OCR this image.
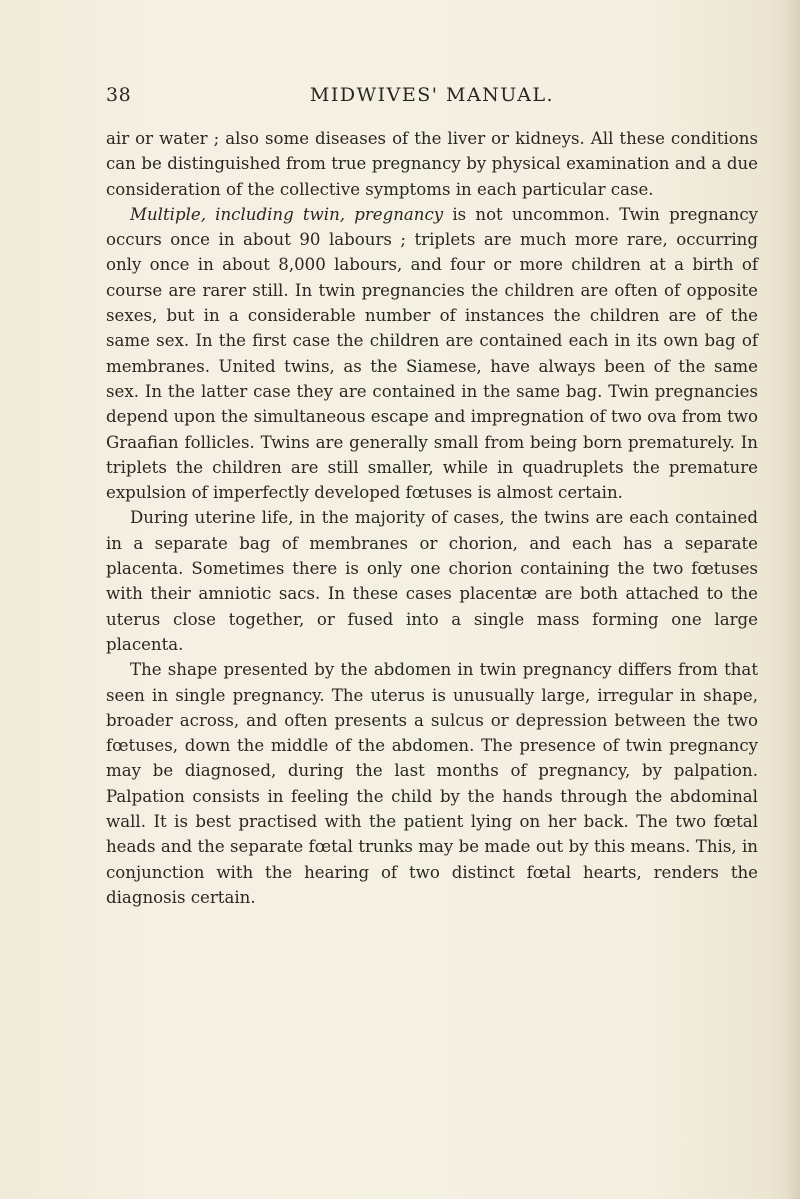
38	MIDWIVES' MANUAL.

air or water ; also some diseases of the liver or kidneys. All these conditions can be distinguished from true pregnancy by physical examination and a due consideration of the collective symptoms in each particular case.

Multiple, including twin, pregnancy is not uncommon. Twin pregnancy occurs once in about 90 labours ; triplets are much more rare, occurring only once in about 8,000 labours, and four or more children at a birth of course are rarer still. In twin pregnancies the children are often of opposite sexes, but in a considerable number of instances the children are of the same sex. In the first case the children are contained each in its own bag of membranes. United twins, as the Siamese, have always been of the same sex. In the latter case they are contained in the same bag. Twin pregnancies depend upon the simultaneous escape and impregnation of two ova from two Graafian follicles. Twins are generally small from being born prematurely. In triplets the children are still smaller, while in quadruplets the premature expulsion of imperfectly developed fœtuses is almost certain.

During uterine life, in the majority of cases, the twins are each contained in a separate bag of membranes or chorion, and each has a separate placenta. Sometimes there is only one chorion containing the two fœtuses with their amniotic sacs. In these cases placentæ are both attached to the uterus close together, or fused into a single mass forming one large placenta.

The shape presented by the abdomen in twin pregnancy differs from that seen in single pregnancy. The uterus is unusually large, irregular in shape, broader across, and often presents a sulcus or depression between the two fœtuses, down the middle of the abdomen. The presence of twin pregnancy may be diagnosed, during the last months of pregnancy, by palpation. Palpation consists in feeling the child by the hands through the abdominal wall. It is best practised with the patient lying on her back. The two fœtal heads and the separate fœtal trunks may be made out by this means. This, in conjunction with the hearing of two distinct fœtal hearts, renders the diagnosis certain.
